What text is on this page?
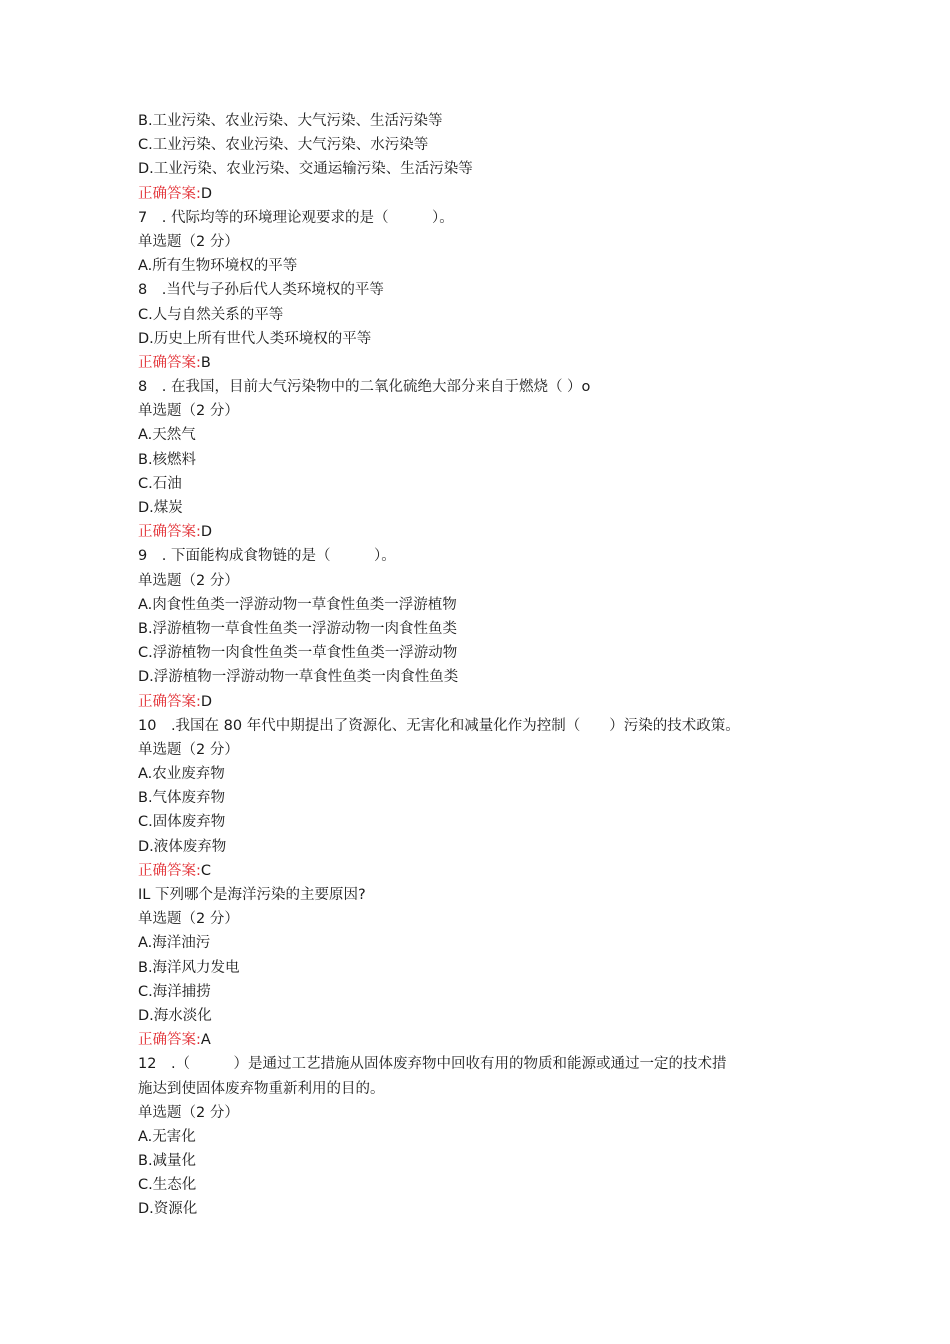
B.工业污染、农业污染、大气污染、生活污染等
C.工业污染、农业污染、大气污染、水污染等
D.工业污染、农业污染、交通运输污染、生活污染等
正确答案:D
7　. 代际均等的环境理论观要求的是（　　　）。
单选题（2 分）
A.所有生物环境权的平等
8　.当代与子孙后代人类环境权的平等
C.人与自然关系的平等
D.历史上所有世代人类环境权的平等
正确答案:B
8　. 在我国，目前大气污染物中的二氧化硫绝大部分来自于燃烧（ ）o
单选题（2 分）
A.天然气
B.核燃料
C.石油
D.煤炭
正确答案:D
9　. 下面能构成食物链的是（　　　）。
单选题（2 分）
A.肉食性鱼类一浮游动物一草食性鱼类一浮游植物
B.浮游植物一草食性鱼类一浮游动物一肉食性鱼类
C.浮游植物一肉食性鱼类一草食性鱼类一浮游动物
D.浮游植物一浮游动物一草食性鱼类一肉食性鱼类
正确答案:D
10　.我国在 80 年代中期提出了资源化、无害化和减量化作为控制（　　）污染的技术政策。
单选题（2 分）
A.农业废弃物
B.气体废弃物
C.固体废弃物
D.液体废弃物
正确答案:C
IL 下列哪个是海洋污染的主要原因?
单选题（2 分）
A.海洋油污
B.海洋风力发电
C.海洋捕捞
D.海水淡化
正确答案:A
12　.（　　　）是通过工艺措施从固体废弃物中回收有用的物质和能源或通过一定的技术措
施达到使固体废弃物重新利用的目的。
单选题（2 分）
A.无害化
B.减量化
C.生态化
D.资源化
